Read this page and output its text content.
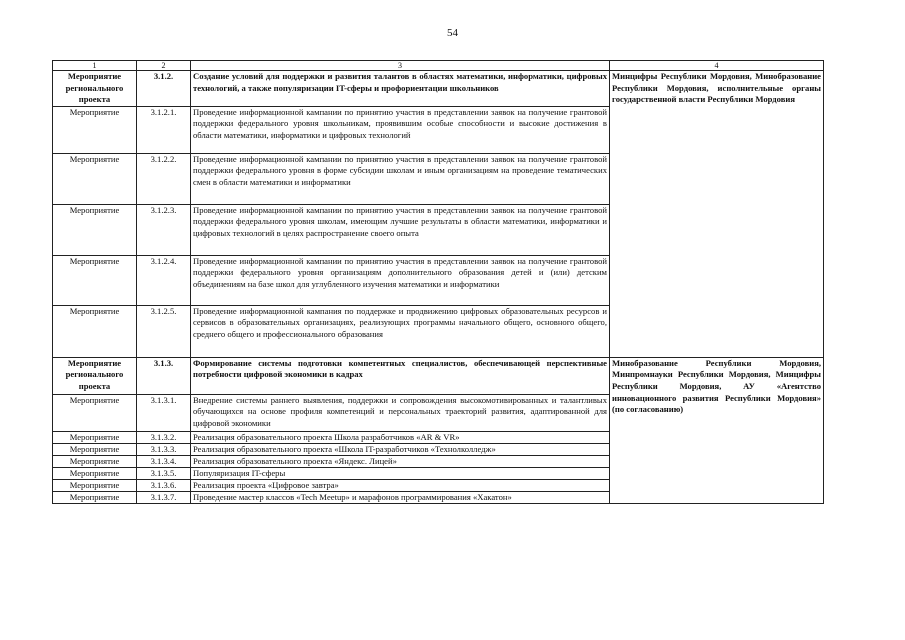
54
1	2	3	4
Мероприятие регионального проекта	3.1.2.	Создание условий для поддержки и развития талантов в областях математики, информатики, цифровых технологий, а также популяризации IT-сферы и профориентации школьников	Минцифры Республики Мордовия, Минобразование Республики Мордовия, исполнительные органы государственной власти Республики Мордовия
Мероприятие	3.1.2.1.	Проведение информационной кампании по принятию участия в представлении заявок на получение грантовой поддержки федерального уровня школьникам, проявившим особые способности и высокие достижения в области математики, информатики и цифровых технологий	
Мероприятие	3.1.2.2.	Проведение информационной кампании по принятию участия в представлении заявок на получение грантовой поддержки федерального уровня в форме субсидии школам и иным организациям на проведение тематических смен в области математики и информатики	
Мероприятие	3.1.2.3.	Проведение информационной кампании по принятию участия в представлении заявок на получение грантовой поддержки федерального уровня школам, имеющим лучшие результаты в области математики, информатики и цифровых технологий в целях распространение своего опыта	
Мероприятие	3.1.2.4.	Проведение информационной кампании по принятию участия в представлении заявок на получение грантовой поддержки федерального уровня организациям дополнительного образования детей и (или) детским объединениям на базе школ для углубленного изучения математики и информатики	
Мероприятие	3.1.2.5.	Проведение информационной кампания по поддержке и продвижению цифровых образовательных ресурсов и сервисов в образовательных организациях, реализующих программы начального общего, основного общего, среднего общего и профессионального образования	
Мероприятие регионального проекта	3.1.3.	Формирование системы подготовки компетентных специалистов, обеспечивающей перспективные потребности цифровой экономики в кадрах	Минобразование Республики Мордовия, Минпромнауки Республики Мордовия, Минцифры Республики Мордовия, АУ «Агентство инновационного развития Республики Мордовия» (по согласованию)
Мероприятие	3.1.3.1.	Внедрение системы раннего выявления, поддержки и сопровождения высокомотивированных и талантливых обучающихся на основе профиля компетенций и персональных траекторий развития, адаптированной для цифровой экономики	
Мероприятие	3.1.3.2.	Реализация образовательного проекта Школа разработчиков «AR & VR»	
Мероприятие	3.1.3.3.	Реализация образовательного проекта «Школа IT-разработчиков «Технолколледж»	
Мероприятие	3.1.3.4.	Реализация образовательного проекта «Яндекс. Лицей»	
Мероприятие	3.1.3.5.	Популяризация IT-сферы	
Мероприятие	3.1.3.6.	Реализация проекта «Цифровое завтра»	
Мероприятие	3.1.3.7.	Проведение мастер классов «Tech Meetup» и марафонов программирования «Хакатон»	
